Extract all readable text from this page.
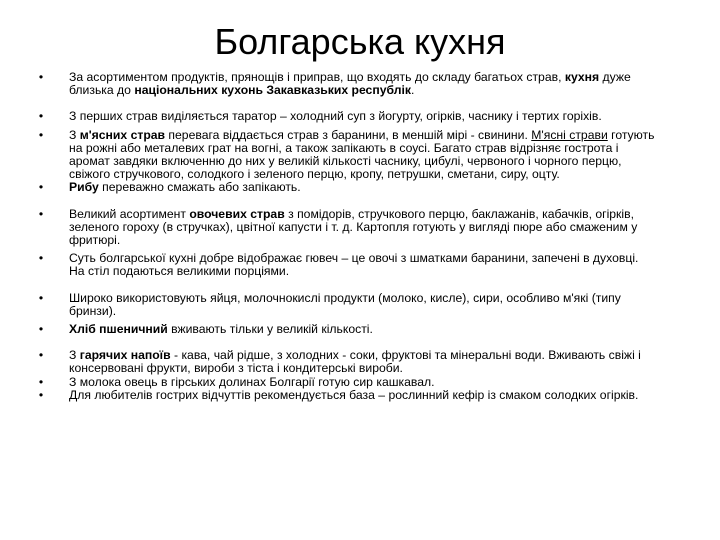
Болгарська кухня
• За асортиментом продуктів, прянощів і приправ, що входять до складу багатьох страв, кухня дуже близька до національних кухонь Закавказьких республік.
• З перших страв виділяється таратор – холодний суп з йогурту, огірків, часнику і тертих горіхів.
• З м'ясних страв перевага віддається страв з баранини, в меншій мірі - свинини. М'ясні страви готують на рожні або металевих грат на вогні, а також запікають в соусі. Багато страв відрізняє гострота і аромат завдяки включенню до них у великій кількості часнику, цибулі, червоного і чорного перцю, свіжого стручкового, солодкого і зеленого перцю, кропу, петрушки, сметани, сиру, оцту.
• Рибу переважно смажать або запікають.
• Великий асортимент овочевих страв з помідорів, стручкового перцю, баклажанів, кабачків, огірків, зеленого гороху (в стручках), цвітної капусти і т. д. Картопля готують у вигляді пюре або смаженим у фритюрі.
• Суть болгарської кухні добре відображає гювеч – це овочі з шматками баранини, запечені в духовці. На стіл подаються великими порціями.
• Широко використовують яйця, молочнокислі продукти (молоко, кисле), сири, особливо м'які (типу бринзи).
• Хліб пшеничний вживають тільки у великій кількості.
• З гарячих напоїв - кава, чай рідше, з холодних - соки, фруктові та мінеральні води. Вживають свіжі і консервовані фрукти, вироби з тіста і кондитерські вироби.
• З молока овець в гірських долинах Болгарії готую сир кашкавал.
• Для любителів гострих відчуттів рекомендується база – рослинний кефір із смаком солодких огірків.
